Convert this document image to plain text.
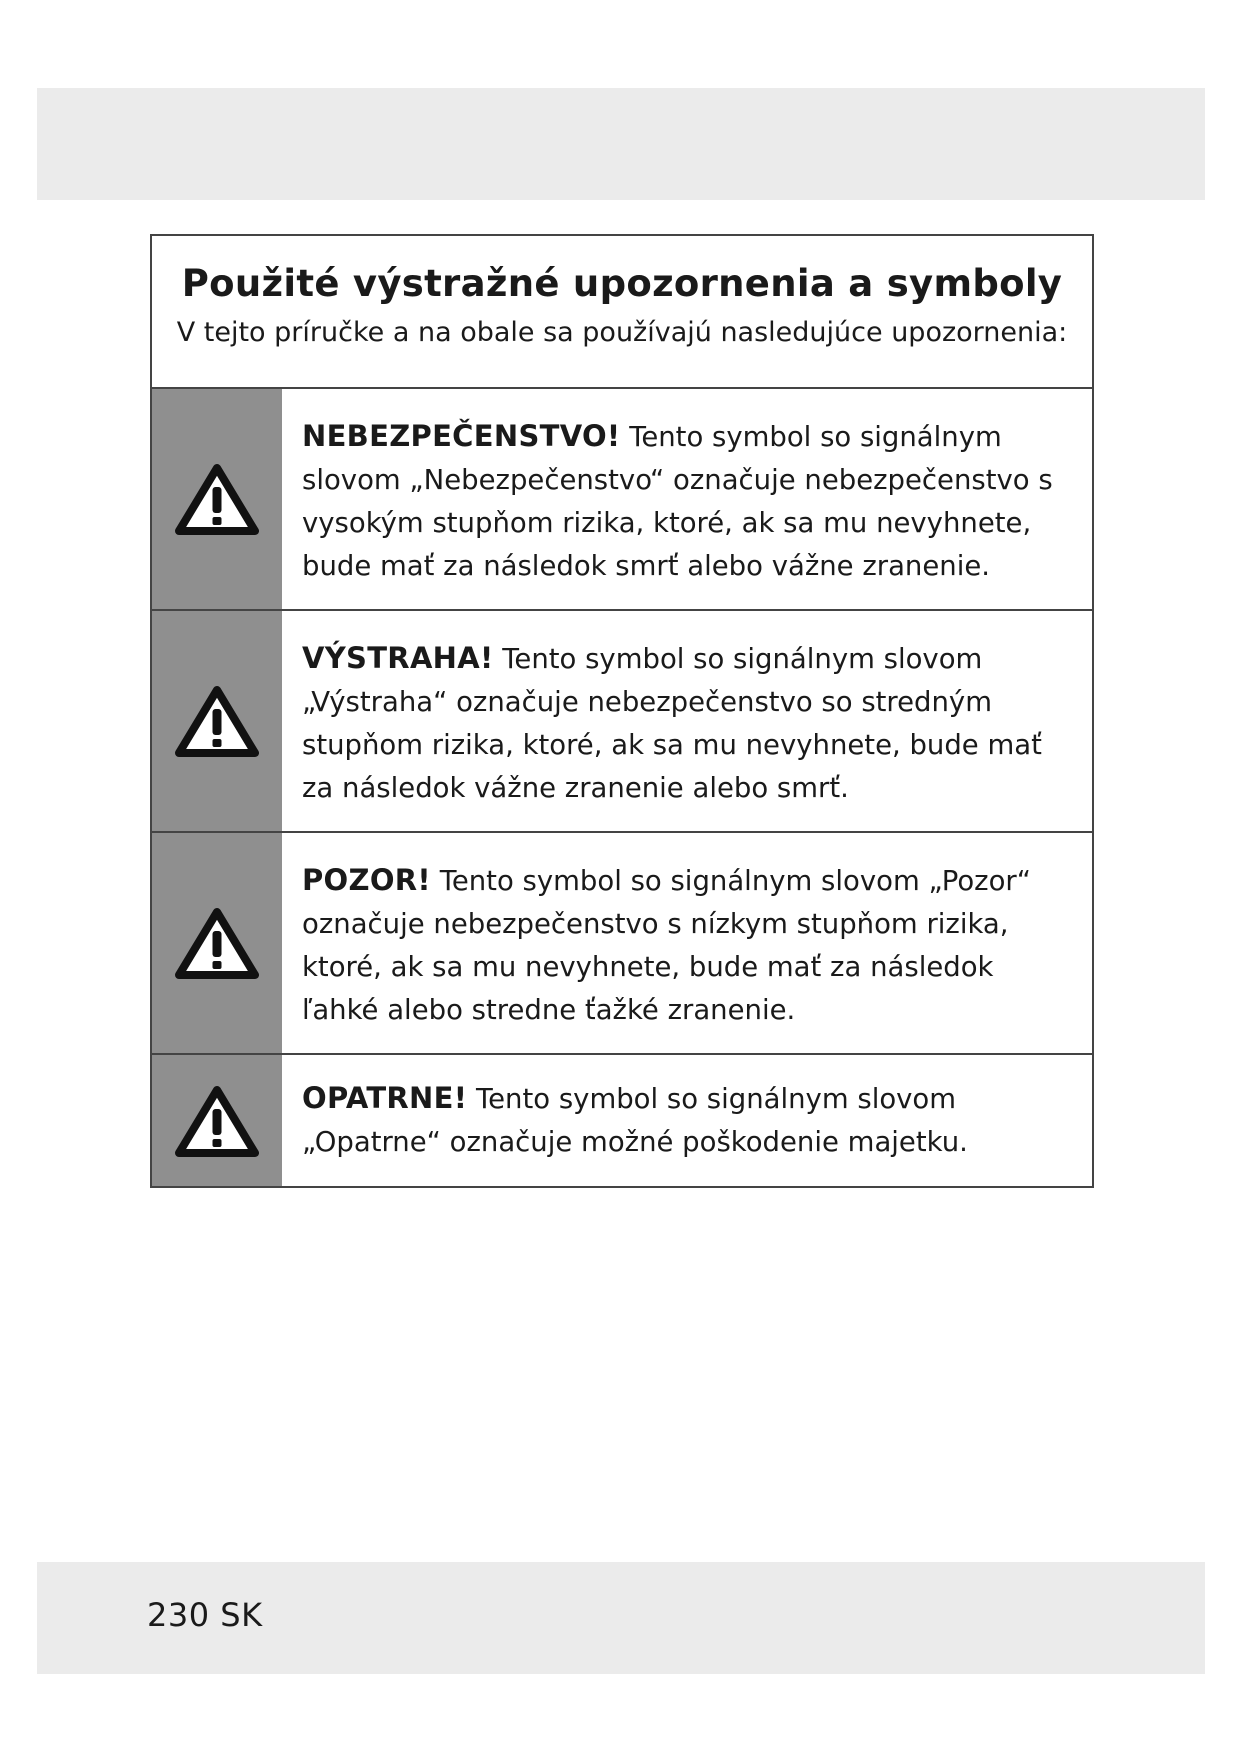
Použité výstražné upozornenia a symboly
V tejto príručke a na obale sa používajú nasledujúce upozornenia:
NEBEZPEČENSTVO! Tento symbol so signálnym slovom „Nebezpečenstvo“ označuje nebezpečenstvo s vysokým stupňom rizika, ktoré, ak sa mu nevyhnete, bude mať za následok smrť alebo vážne zranenie.
VÝSTRAHA! Tento symbol so signálnym slovom „Výstraha“ označuje nebezpečenstvo so stredným stupňom rizika, ktoré, ak sa mu nevyhnete, bude mať za následok vážne zranenie alebo smrť.
POZOR! Tento symbol so signálnym slovom „Pozor“ označuje nebezpečenstvo s nízkym stupňom rizika, ktoré, ak sa mu nevyhnete, bude mať za následok ľahké alebo stredne ťažké zranenie.
OPATRNE! Tento symbol so signálnym slovom „Opatrne“ označuje možné poškodenie majetku.
230 SK
